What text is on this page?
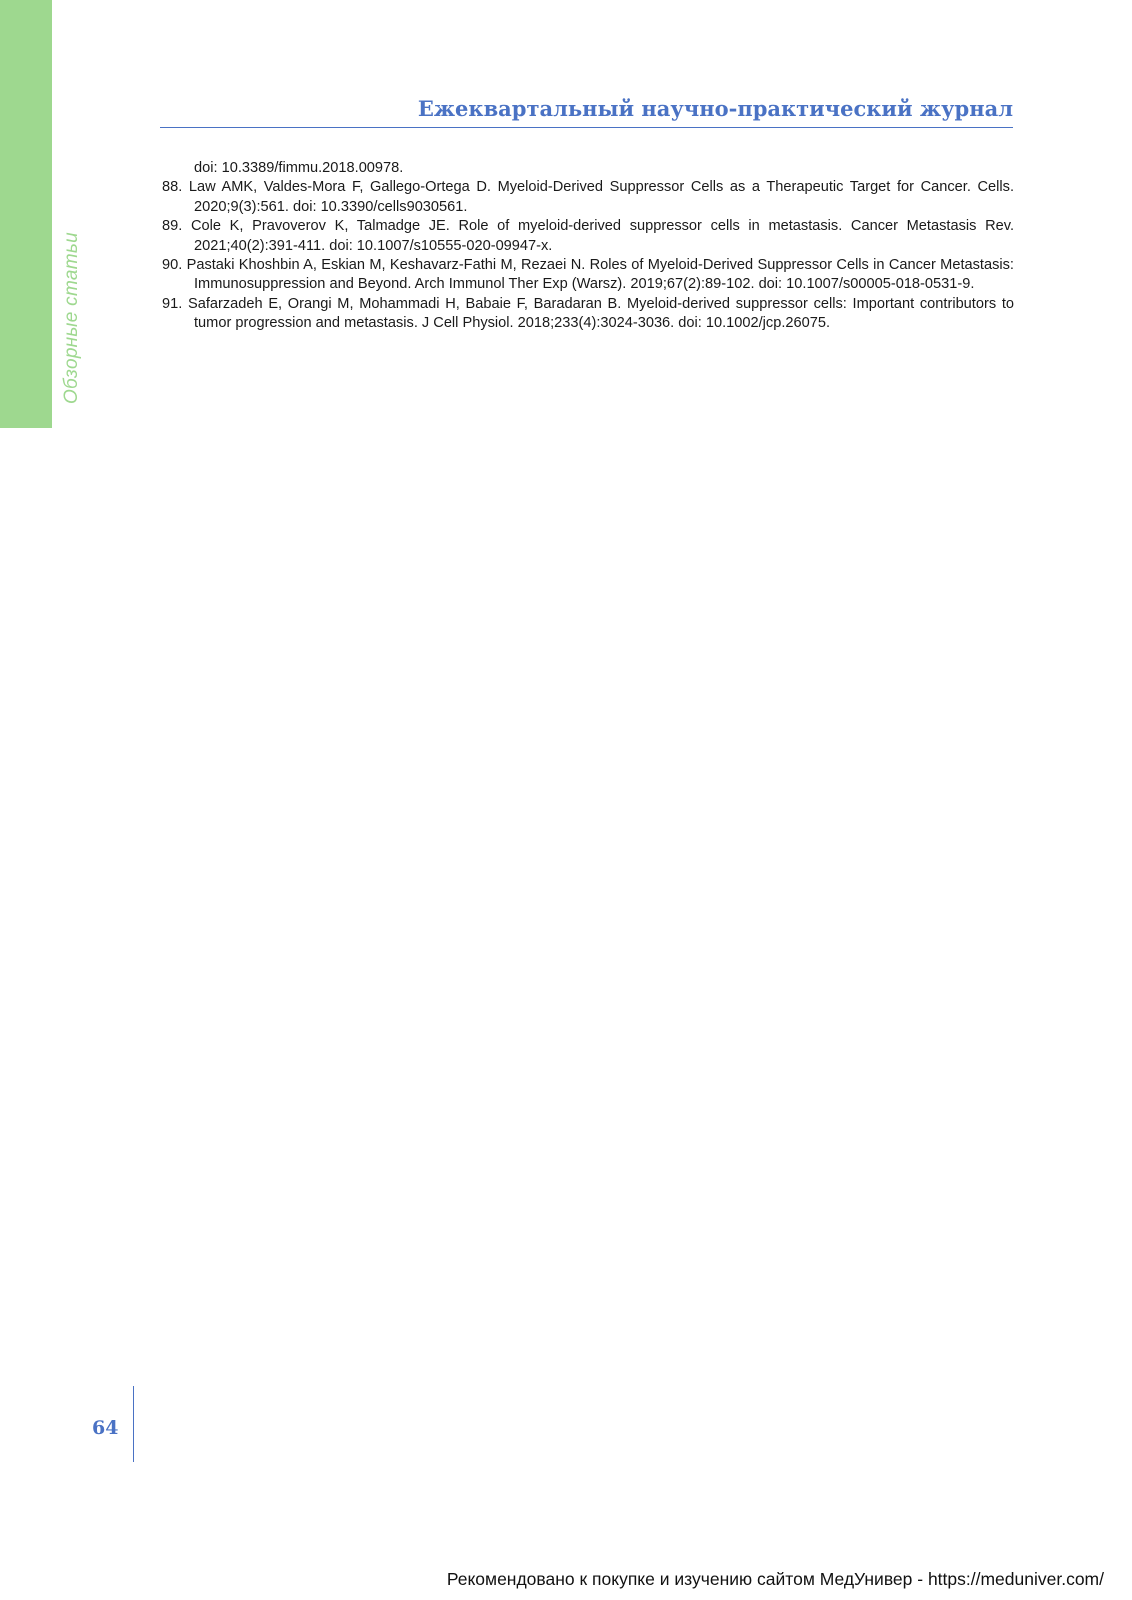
Обзорные статьи
Ежеквартальный научно-практический журнал
doi: 10.3389/fimmu.2018.00978.
88. Law AMK, Valdes-Mora F, Gallego-Ortega D. Myeloid-Derived Suppressor Cells as a Therapeutic Target for Cancer. Cells. 2020;9(3):561. doi: 10.3390/cells9030561.
89. Cole K, Pravoverov K, Talmadge JE. Role of myeloid-derived suppressor cells in metastasis. Cancer Metastasis Rev. 2021;40(2):391-411. doi: 10.1007/s10555-020-09947-x.
90. Pastaki Khoshbin A, Eskian M, Keshavarz-Fathi M, Rezaei N. Roles of Myeloid-Derived Suppressor Cells in Cancer Metastasis: Immunosuppression and Beyond. Arch Immunol Ther Exp (Warsz). 2019;67(2):89-102. doi: 10.1007/s00005-018-0531-9.
91. Safarzadeh E, Orangi M, Mohammadi H, Babaie F, Baradaran B. Myeloid-derived suppressor cells: Important contributors to tumor progression and metastasis. J Cell Physiol. 2018;233(4):3024-3036. doi: 10.1002/jcp.26075.
64
Рекомендовано к покупке и изучению сайтом МедУнивер - https://meduniver.com/
